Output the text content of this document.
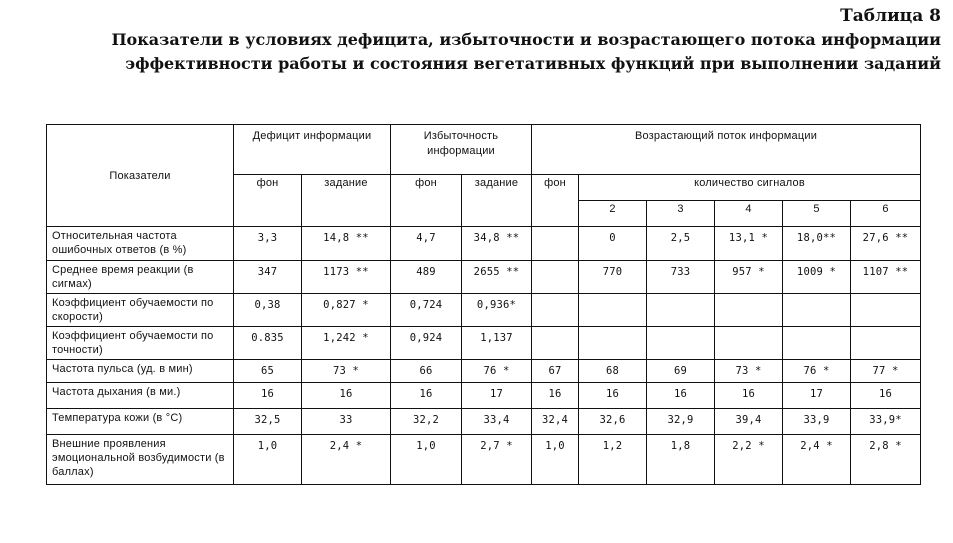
Таблица 8
Показатели в условиях дефицита, избыточности и возрастающего потока информации
эффективности работы и состояния вегетативных функций при выполнении заданий
Показатели	Дефицит информации		Избыточность информации		Возрастающий поток информации					
	фон	задание	фон	задание	фон	количество сигналов				
						2	3	4	5	6
Относительная частота ошибочных ответов (в %)	3,3	14,8 **	4,7	34,8 **		0	2,5	13,1 *	18,0**	27,6 **
Среднее время реакции (в сигмах)	347	1173 **	489	2655 **		770	733	957 *	1009 *	1107 **
Коэффициент обучаемости по скорости)	0,38	0,827 *	0,724	0,936*						
Коэффициент обучаемости по точности)	0.835	1,242 *	0,924	1,137						
Частота пульса (уд. в мин)	65	73 *	66	76 *	67	68	69	73 *	76 *	77 *
Частота дыхания (в ми.)	16	16	16	17	16	16	16	16	17	16
Температура кожи (в °С)	32,5	33	32,2	33,4	32,4	32,6	32,9	39,4	33,9	33,9*
Внешние проявления эмоциональной возбудимости (в баллах)	1,0	2,4 *	1,0	2,7 *	1,0	1,2	1,8	2,2 *	2,4 *	2,8 *
